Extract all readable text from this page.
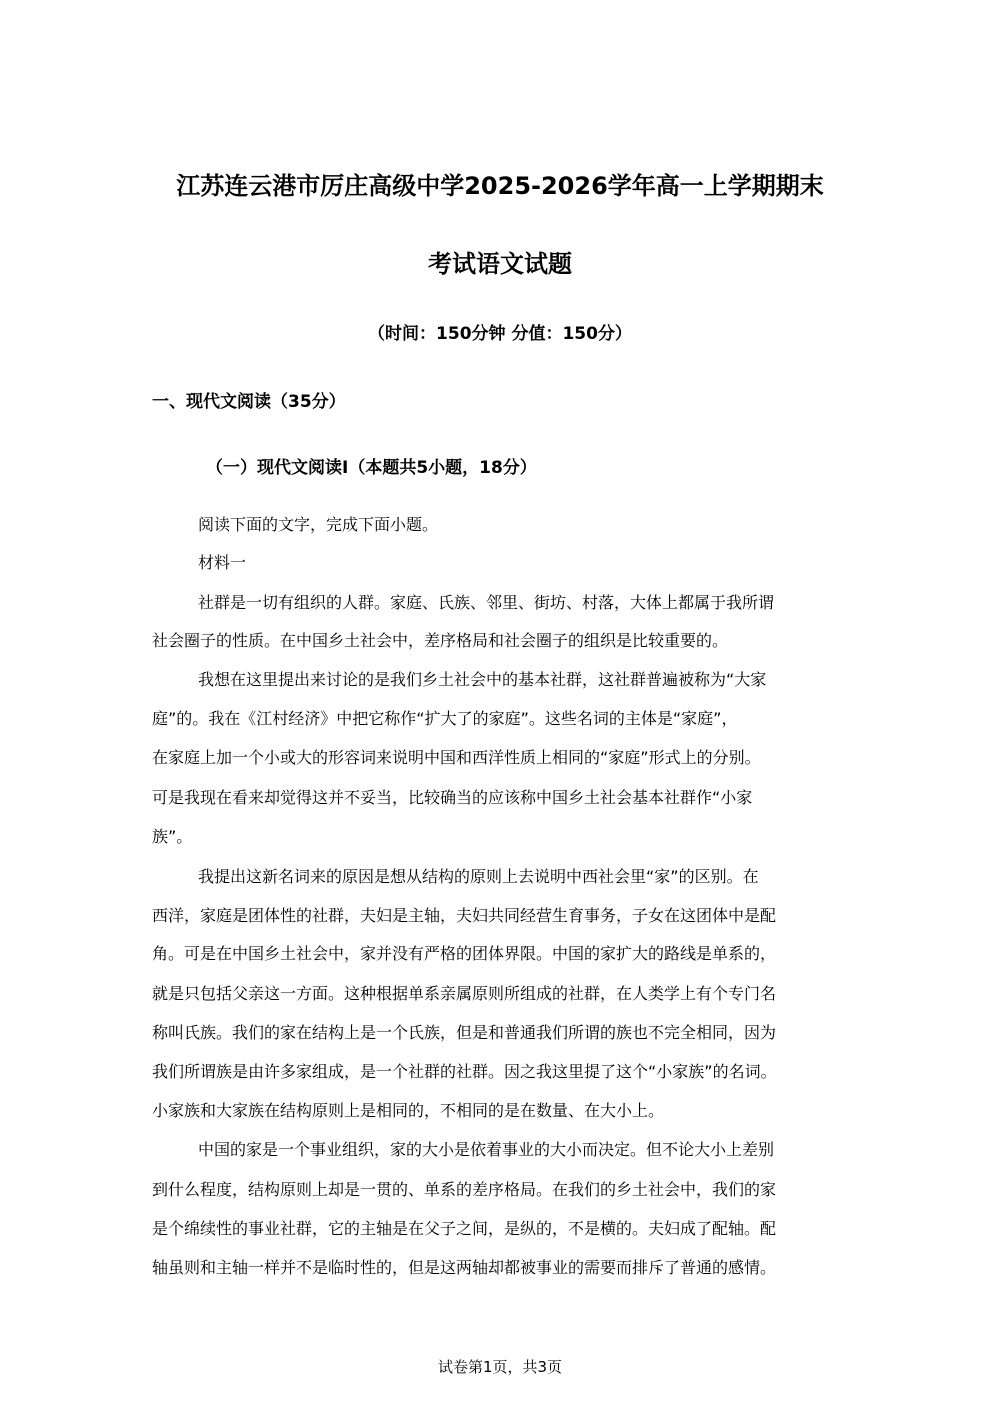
江苏连云港市厉庄高级中学2025-2026学年高一上学期期末
考试语文试题
（时间：150分钟 分值：150分）
一、现代文阅读（35分）
（一）现代文阅读Ⅰ（本题共5小题，18分）
阅读下面的文字，完成下面小题。
材料一
社群是一切有组织的人群。家庭、氏族、邻里、街坊、村落，大体上都属于我所谓
社会圈子的性质。在中国乡土社会中，差序格局和社会圈子的组织是比较重要的。
我想在这里提出来讨论的是我们乡土社会中的基本社群，这社群普遍被称为“大家
庭”的。我在《江村经济》中把它称作“扩大了的家庭”。这些名词的主体是“家庭”，
在家庭上加一个小或大的形容词来说明中国和西洋性质上相同的“家庭”形式上的分别。
可是我现在看来却觉得这并不妥当，比较确当的应该称中国乡土社会基本社群作“小家
族”。
我提出这新名词来的原因是想从结构的原则上去说明中西社会里“家”的区别。在
西洋，家庭是团体性的社群，夫妇是主轴，夫妇共同经营生育事务，子女在这团体中是配
角。可是在中国乡土社会中，家并没有严格的团体界限。中国的家扩大的路线是单系的，
就是只包括父亲这一方面。这种根据单系亲属原则所组成的社群，在人类学上有个专门名
称叫氏族。我们的家在结构上是一个氏族，但是和普通我们所谓的族也不完全相同，因为
我们所谓族是由许多家组成，是一个社群的社群。因之我这里提了这个“小家族”的名词。
小家族和大家族在结构原则上是相同的，不相同的是在数量、在大小上。
中国的家是一个事业组织，家的大小是依着事业的大小而决定。但不论大小上差别
到什么程度，结构原则上却是一贯的、单系的差序格局。在我们的乡土社会中，我们的家
是个绵续性的事业社群，它的主轴是在父子之间，是纵的，不是横的。夫妇成了配轴。配
轴虽则和主轴一样并不是临时性的，但是这两轴却都被事业的需要而排斥了普通的感情。
试卷第1页，共3页
